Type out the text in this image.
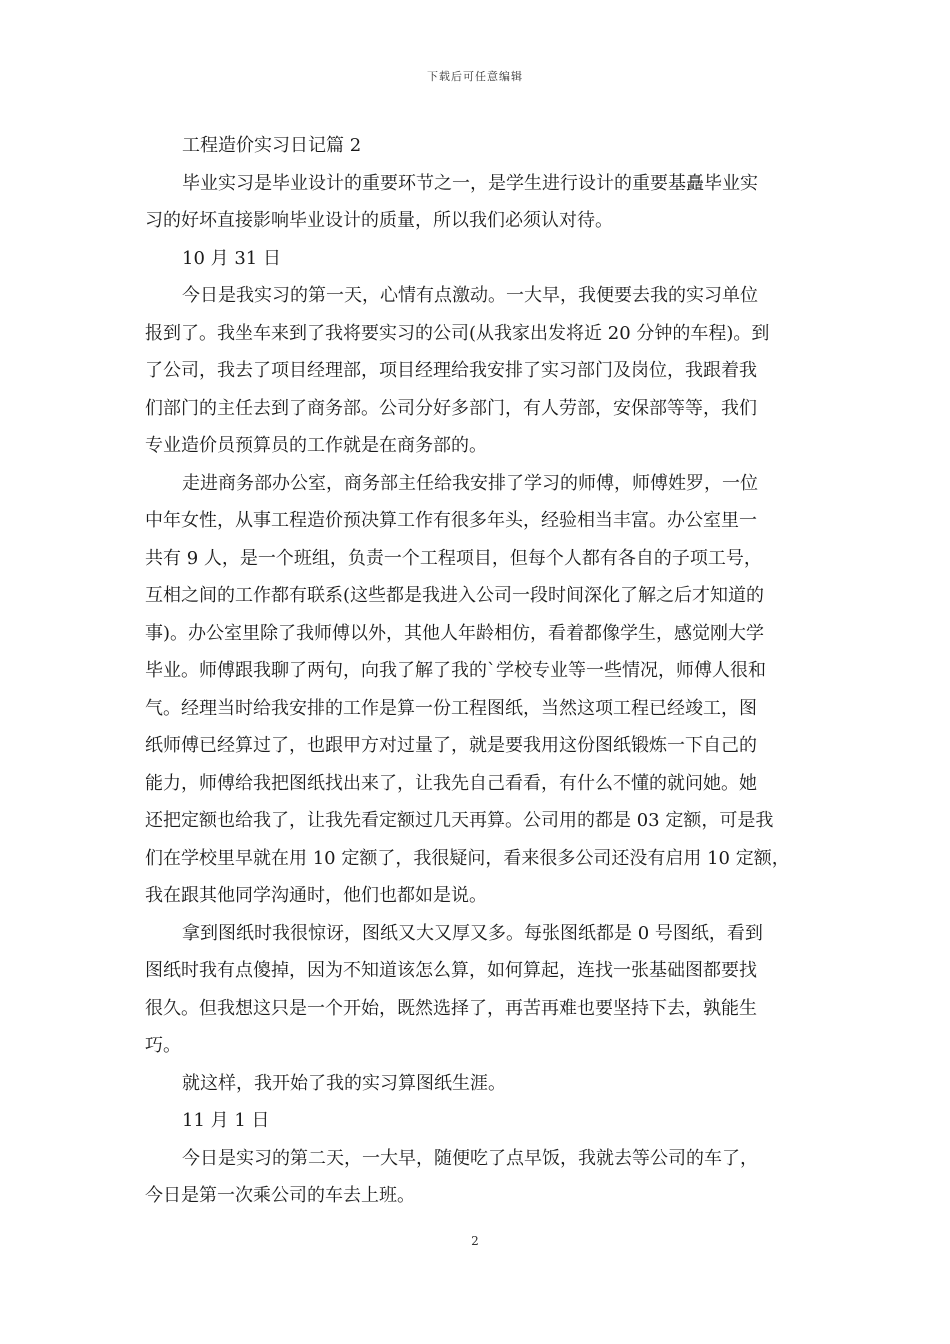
下载后可任意编辑
工程造价实习日记篇 2
毕业实习是毕业设计的重要环节之一，是学生进行设计的重要基矗毕业实
习的好坏直接影响毕业设计的质量，所以我们必须认对待。
10 月 31 日
今日是我实习的第一天，心情有点激动。一大早，我便要去我的实习单位
报到了。我坐车来到了我将要实习的公司(从我家出发将近 20 分钟的车程)。到
了公司，我去了项目经理部，项目经理给我安排了实习部门及岗位，我跟着我
们部门的主任去到了商务部。公司分好多部门，有人劳部，安保部等等，我们
专业造价员预算员的工作就是在商务部的。
走进商务部办公室，商务部主任给我安排了学习的师傅，师傅姓罗，一位
中年女性，从事工程造价预决算工作有很多年头，经验相当丰富。办公室里一
共有 9 人，是一个班组，负责一个工程项目，但每个人都有各自的子项工号，
互相之间的工作都有联系(这些都是我进入公司一段时间深化了解之后才知道的
事)。办公室里除了我师傅以外，其他人年龄相仿，看着都像学生，感觉刚大学
毕业。师傅跟我聊了两句，向我了解了我的`学校专业等一些情况，师傅人很和
气。经理当时给我安排的工作是算一份工程图纸，当然这项工程已经竣工，图
纸师傅已经算过了，也跟甲方对过量了，就是要我用这份图纸锻炼一下自己的
能力，师傅给我把图纸找出来了，让我先自己看看，有什么不懂的就问她。她
还把定额也给我了，让我先看定额过几天再算。公司用的都是 03 定额，可是我
们在学校里早就在用 10 定额了，我很疑问，看来很多公司还没有启用 10 定额，
我在跟其他同学沟通时，他们也都如是说。
拿到图纸时我很惊讶，图纸又大又厚又多。每张图纸都是 0 号图纸，看到
图纸时我有点傻掉，因为不知道该怎么算，如何算起，连找一张基础图都要找
很久。但我想这只是一个开始，既然选择了，再苦再难也要坚持下去，孰能生
巧。
就这样，我开始了我的实习算图纸生涯。
11 月 1 日
今日是实习的第二天，一大早，随便吃了点早饭，我就去等公司的车了，
今日是第一次乘公司的车去上班。
2
